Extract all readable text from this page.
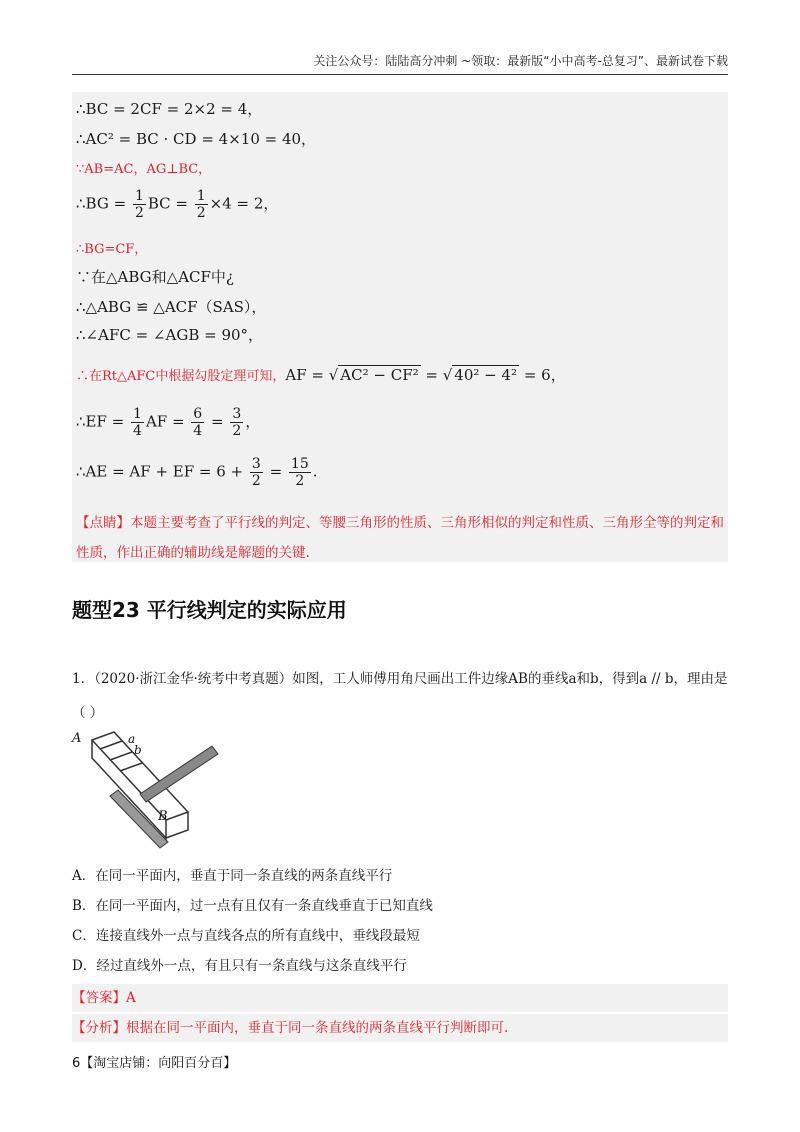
关注公众号：陆陆高分冲刺 ~领取：最新版“小中高考-总复习”、最新试卷下载
∴BC = 2CF = 2×2 = 4，
∴AC² = BC · CD = 4×10 = 40，
∵AB=AC，AG⊥BC，
∴BG = $\frac{1}{2}$ BC = $\frac{1}{2} \times 4 = 2$，
∴BG=CF，
∵在△ABG和△ACF中¿
∴△ABG ≌ △ACF（SAS），
∴∠AFC = ∠AGB = 90°，
∴在Rt△AFC中根据勾股定理可知，AF = √ AC² − CF² = √ 40² − 4² = 6，
∴EF = $\frac{1}{4}$ AF = $\frac{6}{4} = \frac{3}{2}$ ，
∴AE = AF + EF = $6 + \frac{3}{2} = \frac{15}{2}$ .
【点睛】本题主要考查了平行线的判定、等腰三角形的性质、三角形相似的判定和性质、三角形全等的判定和性质，作出正确的辅助线是解题的关键.
题型23 平行线判定的实际应用
1．（2020·浙江金华·统考中考真题）如图，工人师傅用角尺画出工件边缘AB的垂线a和b，得到a // b，理由是（ ）
A	a
b
B
A．在同一平面内，垂直于同一条直线的两条直线平行
B．在同一平面内，过一点有且仅有一条直线垂直于已知直线
C．连接直线外一点与直线各点的所有直线中，垂线段最短
D．经过直线外一点，有且只有一条直线与这条直线平行
【答案】A
【分析】根据在同一平面内，垂直于同一条直线的两条直线平行判断即可.
6【淘宝店铺：向阳百分百】
